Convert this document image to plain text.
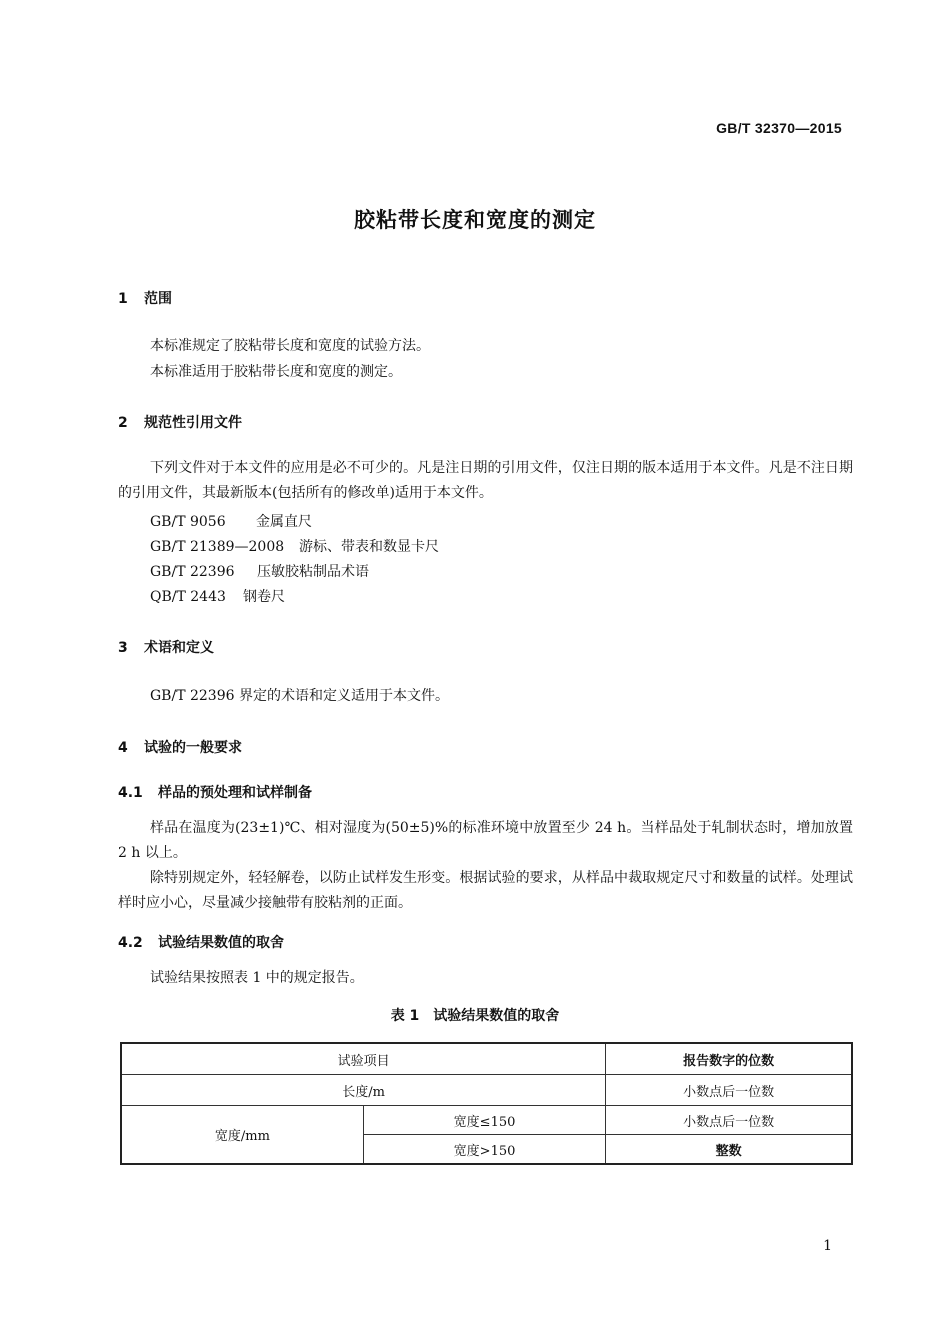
GB/T 32370—2015
胶粘带长度和宽度的测定
1 范围
本标准规定了胶粘带长度和宽度的试验方法。
本标准适用于胶粘带长度和宽度的测定。
2 规范性引用文件
下列文件对于本文件的应用是必不可少的。凡是注日期的引用文件，仅注日期的版本适用于本文件。凡是不注日期的引用文件，其最新版本(包括所有的修改单)适用于本文件。
GB/T 9056 金属直尺
GB/T 21389—2008 游标、带表和数显卡尺
GB/T 22396 压敏胶粘制品术语
QB/T 2443 钢卷尺
3 术语和定义
GB/T 22396 界定的术语和定义适用于本文件。
4 试验的一般要求
4.1 样品的预处理和试样制备
样品在温度为(23±1)℃、相对湿度为(50±5)%的标准环境中放置至少 24 h。当样品处于轧制状态时，增加放置 2 h 以上。
除特别规定外，轻轻解卷，以防止试样发生形变。根据试验的要求，从样品中裁取规定尺寸和数量的试样。处理试样时应小心，尽量减少接触带有胶粘剂的正面。
4.2 试验结果数值的取舍
试验结果按照表 1 中的规定报告。
表 1　试验结果数值的取舍
试验项目		报告数字的位数
长度/m		小数点后一位数
宽度/mm	宽度≤150	小数点后一位数
	宽度>150	整数
1
